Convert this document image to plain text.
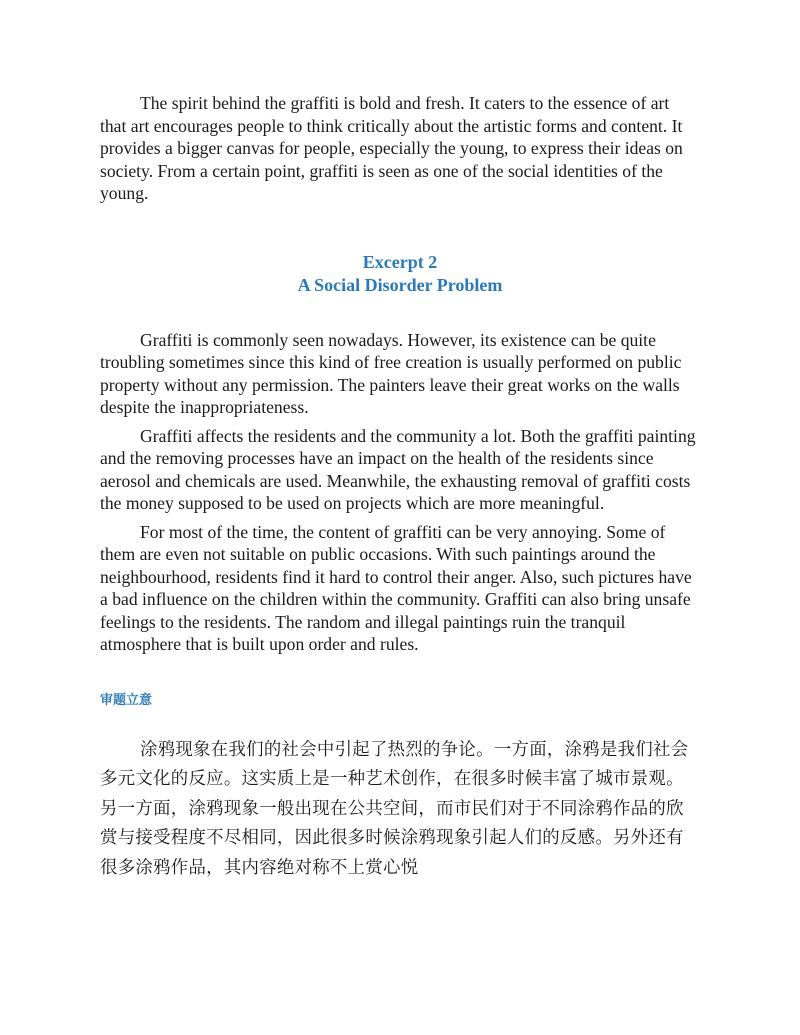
The spirit behind the graffiti is bold and fresh. It caters to the essence of art that art encourages people to think critically about the artistic forms and content. It provides a bigger canvas for people, especially the young, to express their ideas on society. From a certain point, graffiti is seen as one of the social identities of the young.

Excerpt 2
A Social Disorder Problem

Graffiti is commonly seen nowadays. However, its existence can be quite troubling sometimes since this kind of free creation is usually performed on public property without any permission. The painters leave their great works on the walls despite the inappropriateness.

Graffiti affects the residents and the community a lot. Both the graffiti painting and the removing processes have an impact on the health of the residents since aerosol and chemicals are used. Meanwhile, the exhausting removal of graffiti costs the money supposed to be used on projects which are more meaningful.

For most of the time, the content of graffiti can be very annoying. Some of them are even not suitable on public occasions. With such paintings around the neighbourhood, residents find it hard to control their anger. Also, such pictures have a bad influence on the children within the community. Graffiti can also bring unsafe feelings to the residents. The random and illegal paintings ruin the tranquil atmosphere that is built upon order and rules.

审题立意

涂鸦现象在我们的社会中引起了热烈的争论。一方面，涂鸦是我们社会多元文化的反应。这实质上是一种艺术创作，在很多时候丰富了城市景观。另一方面，涂鸦现象一般出现在公共空间，而市民们对于不同涂鸦作品的欣赏与接受程度不尽相同，因此很多时候涂鸦现象引起人们的反感。另外还有很多涂鸦作品，其内容绝对称不上赏心悦
